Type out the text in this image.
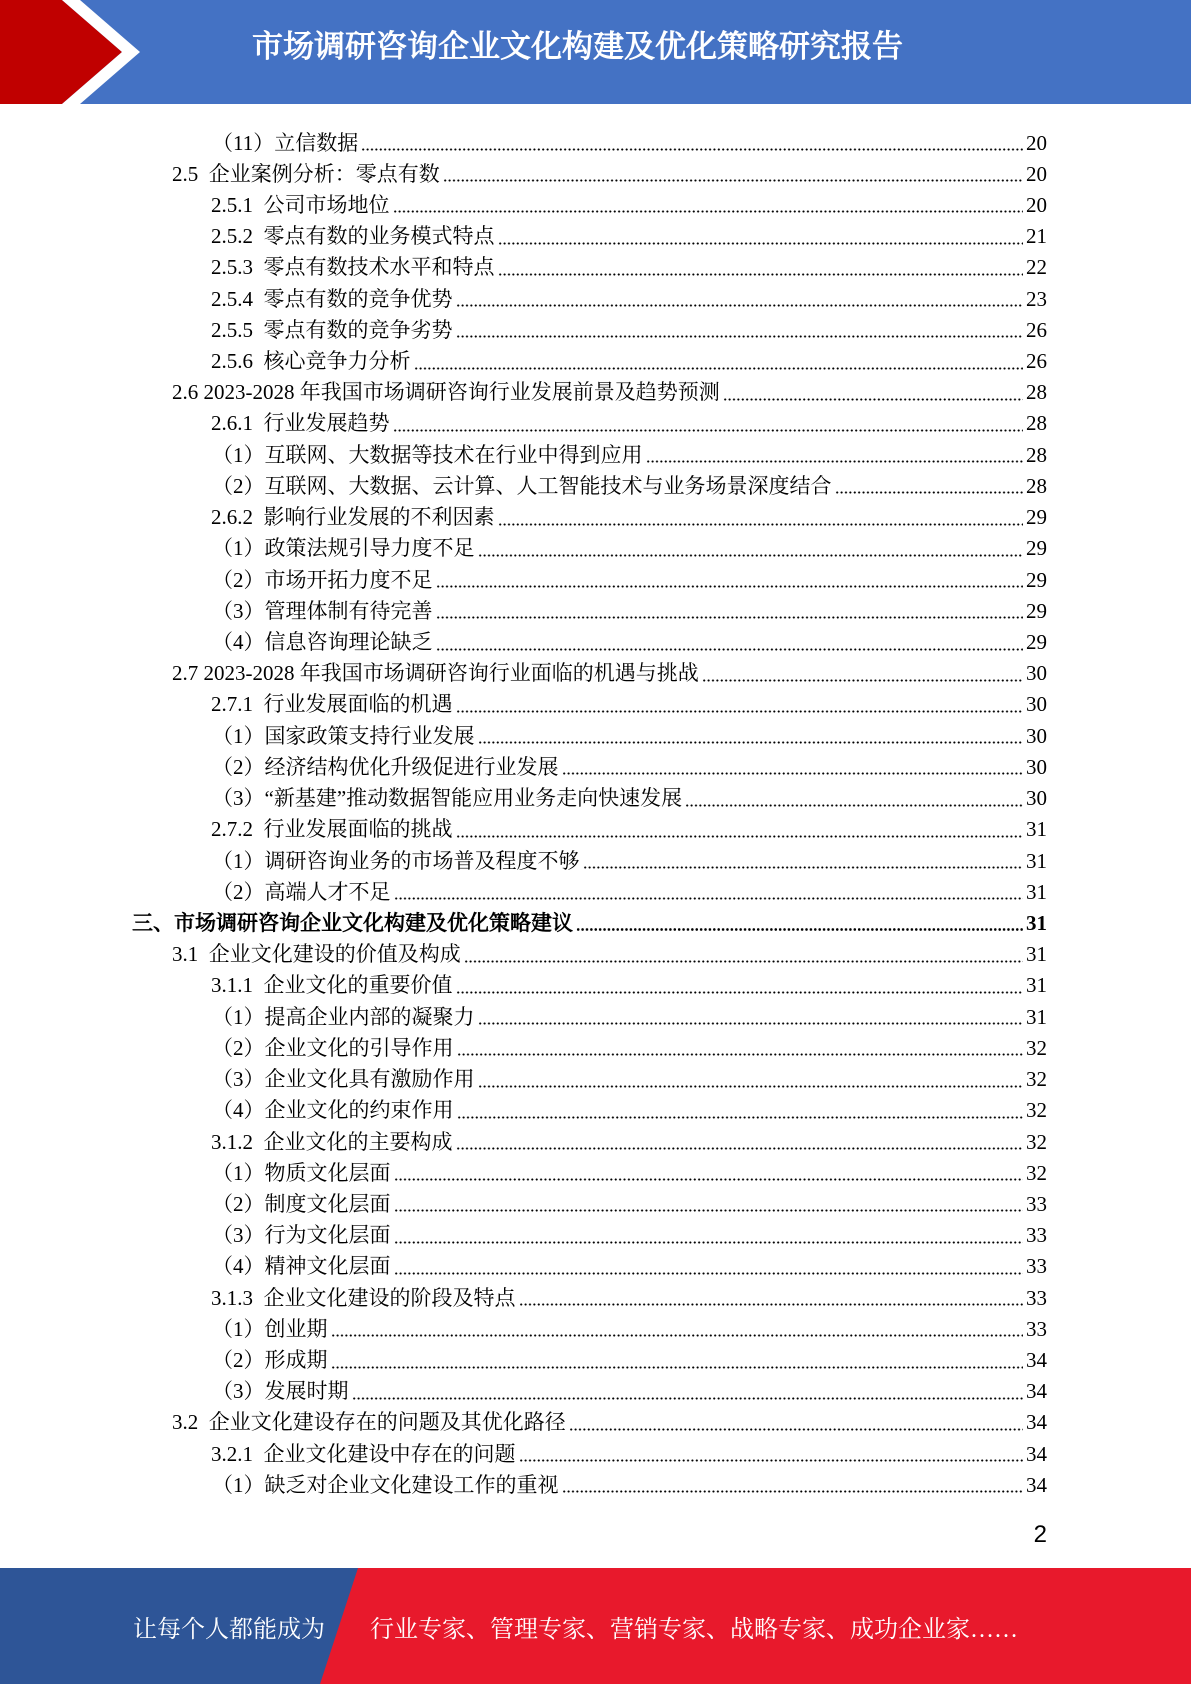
市场调研咨询企业文化构建及优化策略研究报告
（11）立信数据	20
2.5  企业案例分析：零点有数	20
2.5.1  公司市场地位	20
2.5.2  零点有数的业务模式特点	21
2.5.3  零点有数技术水平和特点	22
2.5.4  零点有数的竞争优势	23
2.5.5  零点有数的竞争劣势	26
2.5.6  核心竞争力分析	26
2.6 2023-2028 年我国市场调研咨询行业发展前景及趋势预测	28
2.6.1  行业发展趋势	28
（1）互联网、大数据等技术在行业中得到应用	28
（2）互联网、大数据、云计算、人工智能技术与业务场景深度结合	28
2.6.2  影响行业发展的不利因素	29
（1）政策法规引导力度不足	29
（2）市场开拓力度不足	29
（3）管理体制有待完善	29
（4）信息咨询理论缺乏	29
2.7 2023-2028 年我国市场调研咨询行业面临的机遇与挑战	30
2.7.1  行业发展面临的机遇	30
（1）国家政策支持行业发展	30
（2）经济结构优化升级促进行业发展	30
（3）“新基建”推动数据智能应用业务走向快速发展	30
2.7.2  行业发展面临的挑战	31
（1）调研咨询业务的市场普及程度不够	31
（2）高端人才不足	31
三、市场调研咨询企业文化构建及优化策略建议	31
3.1  企业文化建设的价值及构成	31
3.1.1  企业文化的重要价值	31
（1）提高企业内部的凝聚力	31
（2）企业文化的引导作用	32
（3）企业文化具有激励作用	32
（4）企业文化的约束作用	32
3.1.2  企业文化的主要构成	32
（1）物质文化层面	32
（2）制度文化层面	33
（3）行为文化层面	33
（4）精神文化层面	33
3.1.3  企业文化建设的阶段及特点	33
（1）创业期	33
（2）形成期	34
（3）发展时期	34
3.2  企业文化建设存在的问题及其优化路径	34
3.2.1  企业文化建设中存在的问题	34
（1）缺乏对企业文化建设工作的重视	34
2
让每个人都能成为 行业专家、管理专家、营销专家、战略专家、成功企业家……
